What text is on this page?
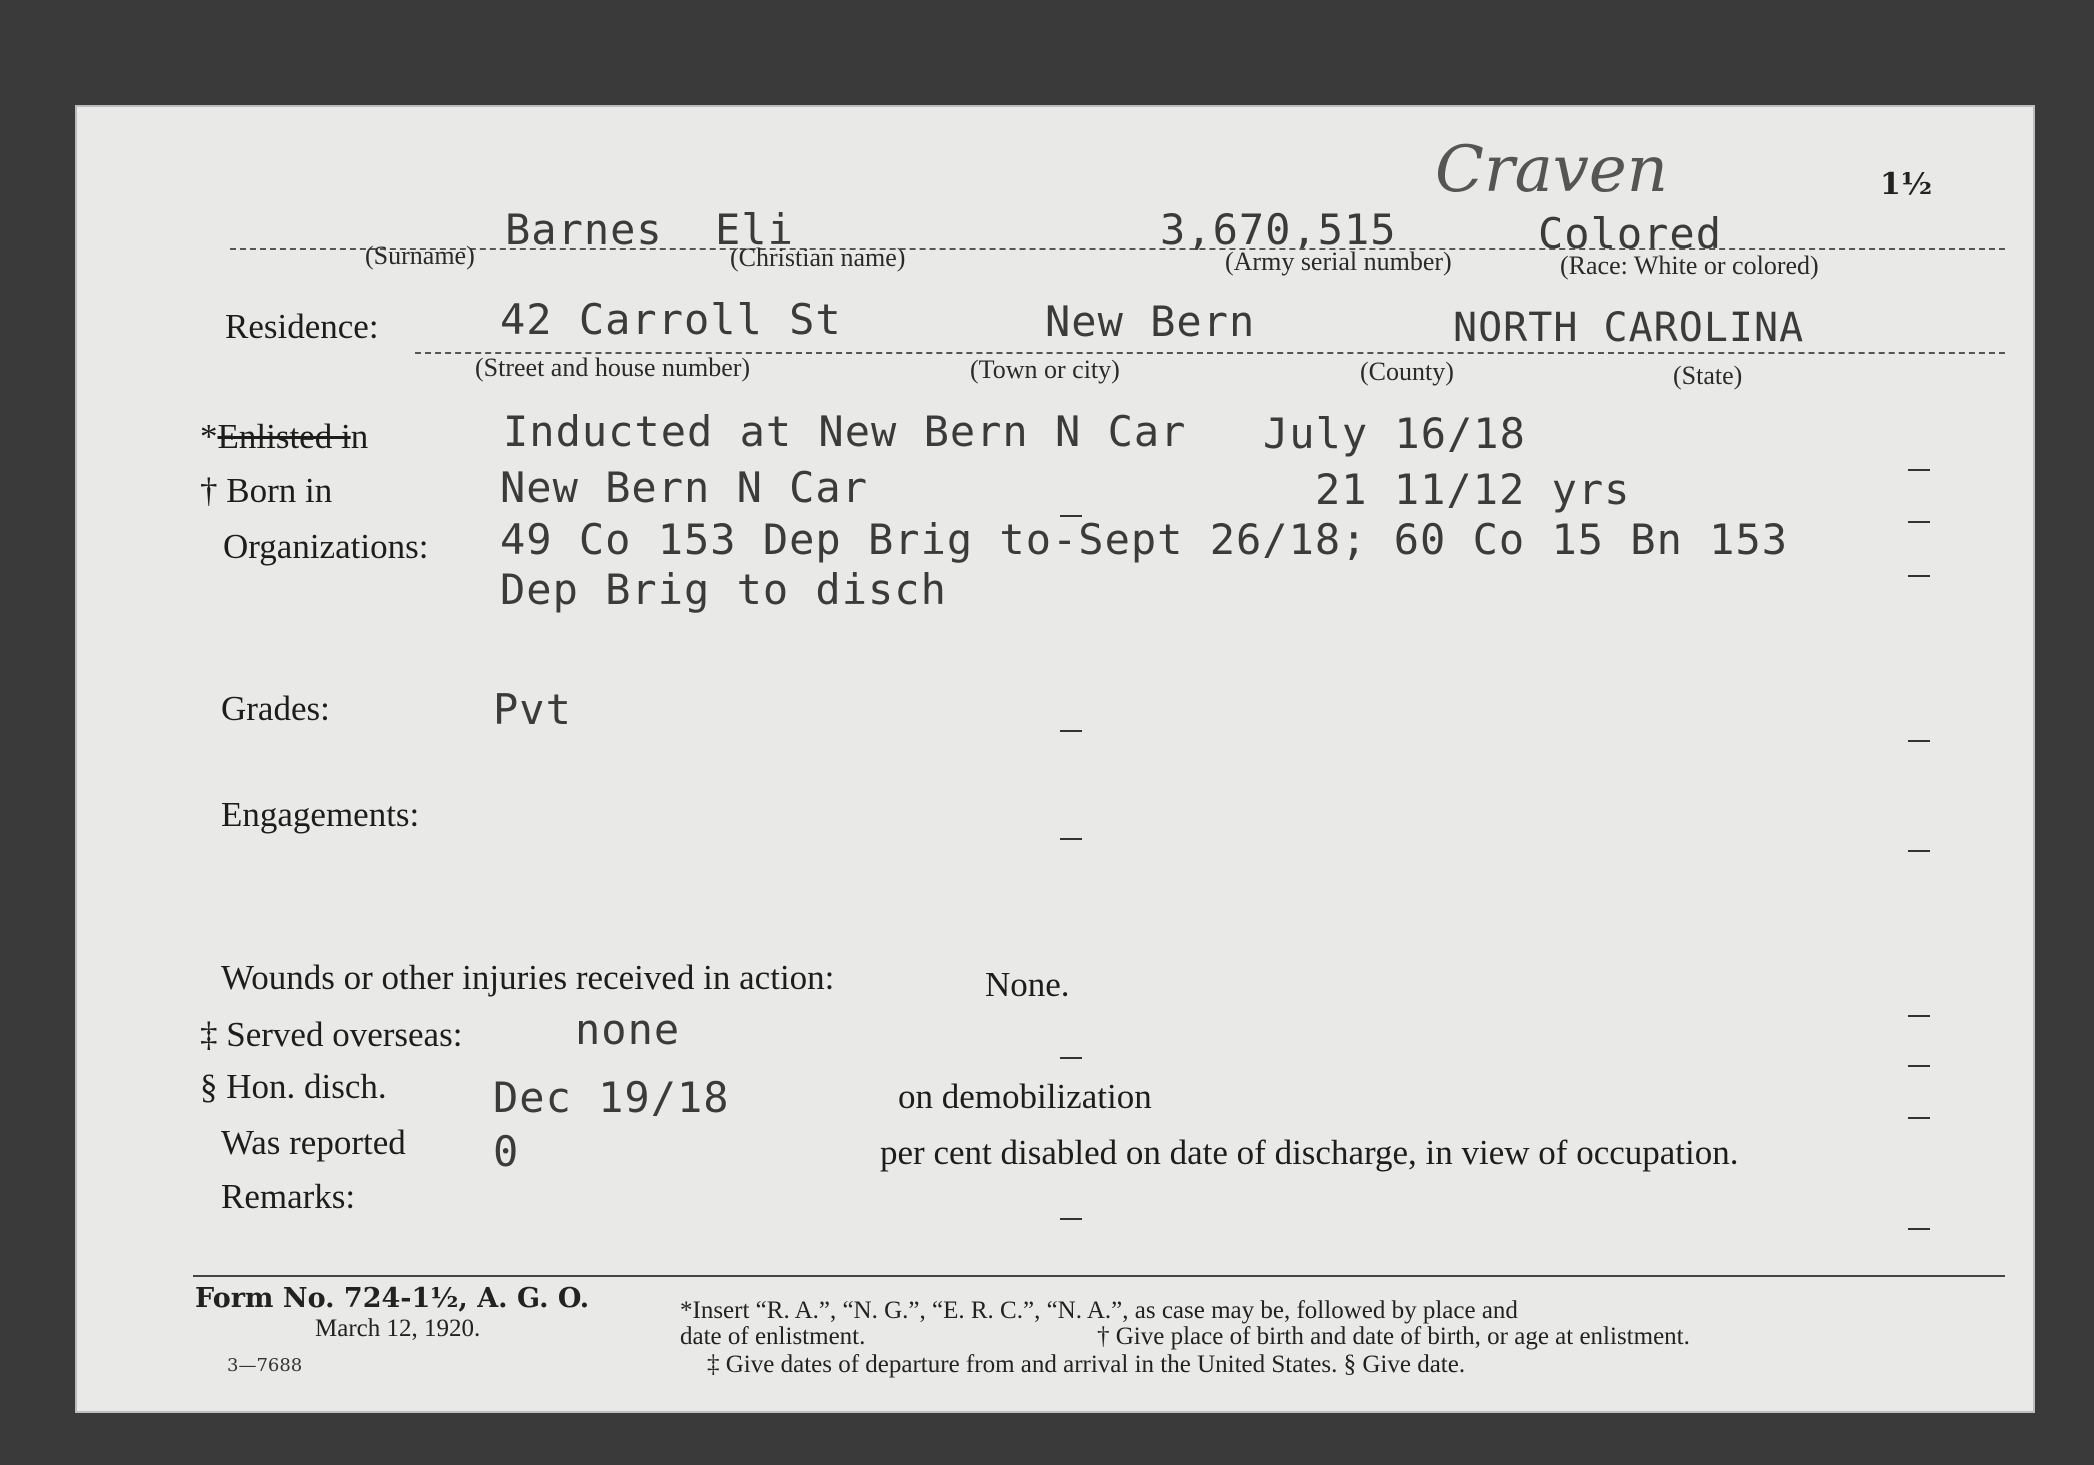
Craven	1½
Barnes Eli	3,670,515	Colored
(Surname)	(Christian name)	(Army serial number)	(Race: White or colored)
Residence:	42 Carroll St	New Bern	NORTH CAROLINA
(Street and house number)	(Town or city)	(County)	(State)
*Enlisted in	Inducted at New Bern N Car July 16/18
† Born in	New Bern N Car	21 11/12 yrs
Organizations: 49 Co 153 Dep Brig to-Sept 26/18; 60 Co 15 Bn 153
Dep Brig to disch
Grades:	Pvt
Engagements:
Wounds or other injuries received in action:	None.
‡ Served overseas:	none
§ Hon. disch.	Dec 19/18	on demobilization
Was reported 0	per cent disabled on date of discharge, in view of occupation.
Remarks:
Form No. 724-1½, A. G. O.
March 12, 1920.
3—7688
*Insert “R. A.”, “N. G.”, “E. R. C.”, “N. A.”, as case may be, followed by place and
date of enlistment.	† Give place of birth and date of birth, or age at enlistment.
‡ Give dates of departure from and arrival in the United States. § Give date.
